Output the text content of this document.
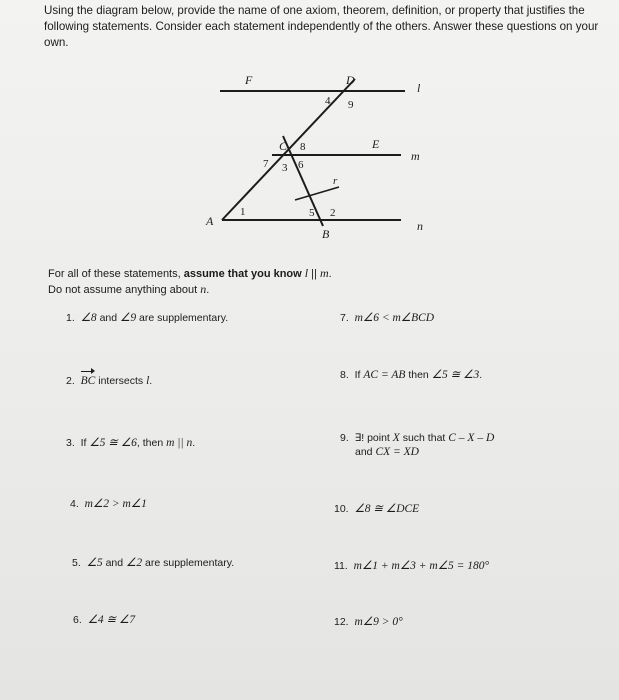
Using the diagram below, provide the name of one axiom, theorem, definition, or property that justifies the following statements. Consider each statement independently of the others. Answer these questions on your own.

F	D
l
4 9
C 8	E
m
7 3 6
r
A
1	5 2
n
B

For all of these statements, assume that you know l || m.
Do not assume anything about n.

1. ∠8 and ∠9 are supplementary.
2. BC intersects l.
3. If ∠5 ≅ ∠6, then m || n.
4. m∠2 > m∠1
5. ∠5 and ∠2 are supplementary.
6. ∠4 ≅ ∠7
7. m∠6 < m∠BCD
8. If AC = AB then ∠5 ≅ ∠3.
9. ∃! point X such that C – X – D
and CX = XD
10. ∠8 ≅ ∠DCE
11. m∠1 + m∠3 + m∠5 = 180°
12. m∠9 > 0°
